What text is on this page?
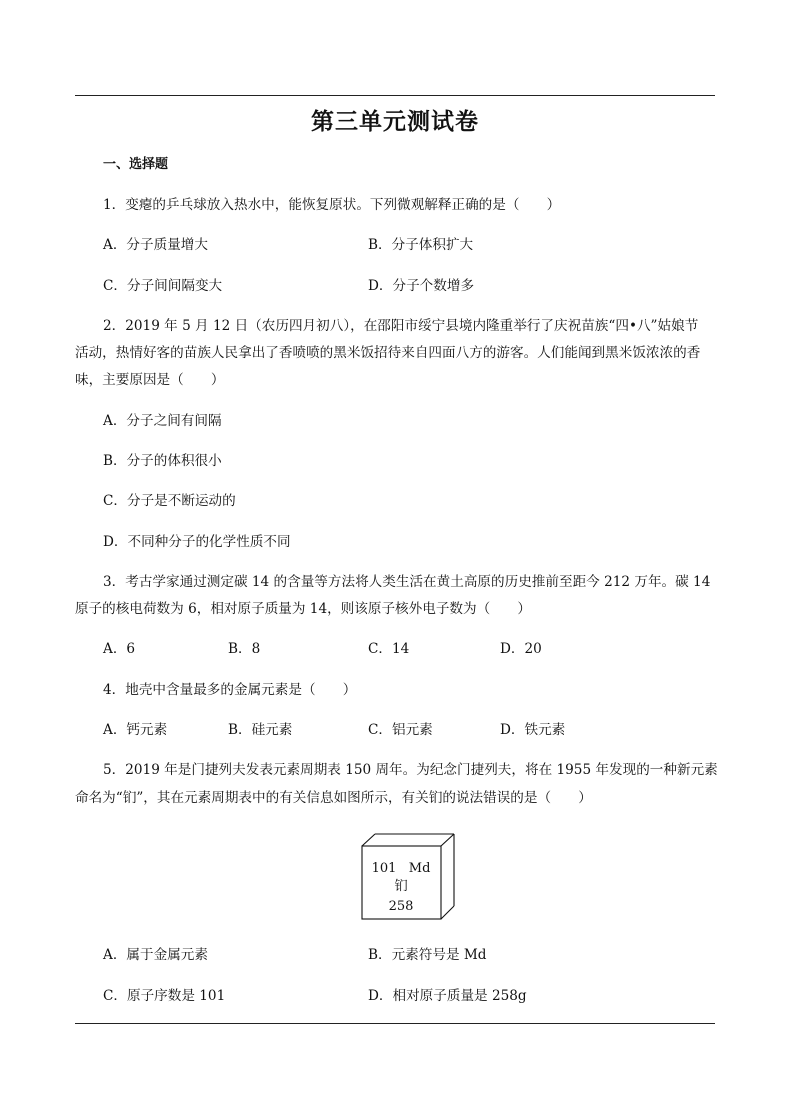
第三单元测试卷
一、选择题
1．变瘪的乒乓球放入热水中，能恢复原状。下列微观解释正确的是（　　）
A．分子质量增大	B．分子体积扩大
C．分子间间隔变大	D．分子个数增多
2．2019 年 5 月 12 日（农历四月初八），在邵阳市绥宁县境内隆重举行了庆祝苗族“四•八”姑娘节
活动，热情好客的苗族人民拿出了香喷喷的黑米饭招待来自四面八方的游客。人们能闻到黑米饭浓浓的香
味，主要原因是（　　）
A．分子之间有间隔
B．分子的体积很小
C．分子是不断运动的
D．不同种分子的化学性质不同
3．考古学家通过测定碳 14 的含量等方法将人类生活在黄土高原的历史推前至距今 212 万年。碳 14
原子的核电荷数为 6，相对原子质量为 14，则该原子核外电子数为（　　）
A．6	B．8	C．14	D．20
4．地壳中含量最多的金属元素是（　　）
A．钙元素	B．硅元素	C．铝元素	D．铁元素
5．2019 年是门捷列夫发表元素周期表 150 周年。为纪念门捷列夫，将在 1955 年发现的一种新元素
命名为“钔”，其在元素周期表中的有关信息如图所示，有关钔的说法错误的是（　　）
101 Md
钔
258
A．属于金属元素	B．元素符号是 Md
C．原子序数是 101	D．相对原子质量是 258g
